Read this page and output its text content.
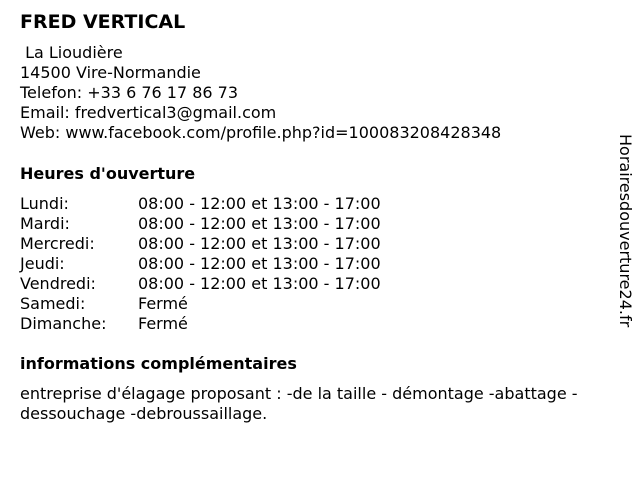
FRED VERTICAL
La Lioudière
14500 Vire-Normandie
Telefon: +33 6 76 17 86 73
Email: fredvertical3@gmail.com
Web: www.facebook.com/profile.php?id=100083208428348
Heures d'ouverture
Lundi:	08:00 - 12:00 et 13:00 - 17:00
Mardi:	08:00 - 12:00 et 13:00 - 17:00
Mercredi:	08:00 - 12:00 et 13:00 - 17:00
Jeudi:	08:00 - 12:00 et 13:00 - 17:00
Vendredi:	08:00 - 12:00 et 13:00 - 17:00
Samedi:	Fermé
Dimanche: Fermé
informations complémentaires
entreprise d'élagage proposant : -de la taille - démontage -abattage - dessouchage -debroussaillage.
Horairesdouverture24.fr
